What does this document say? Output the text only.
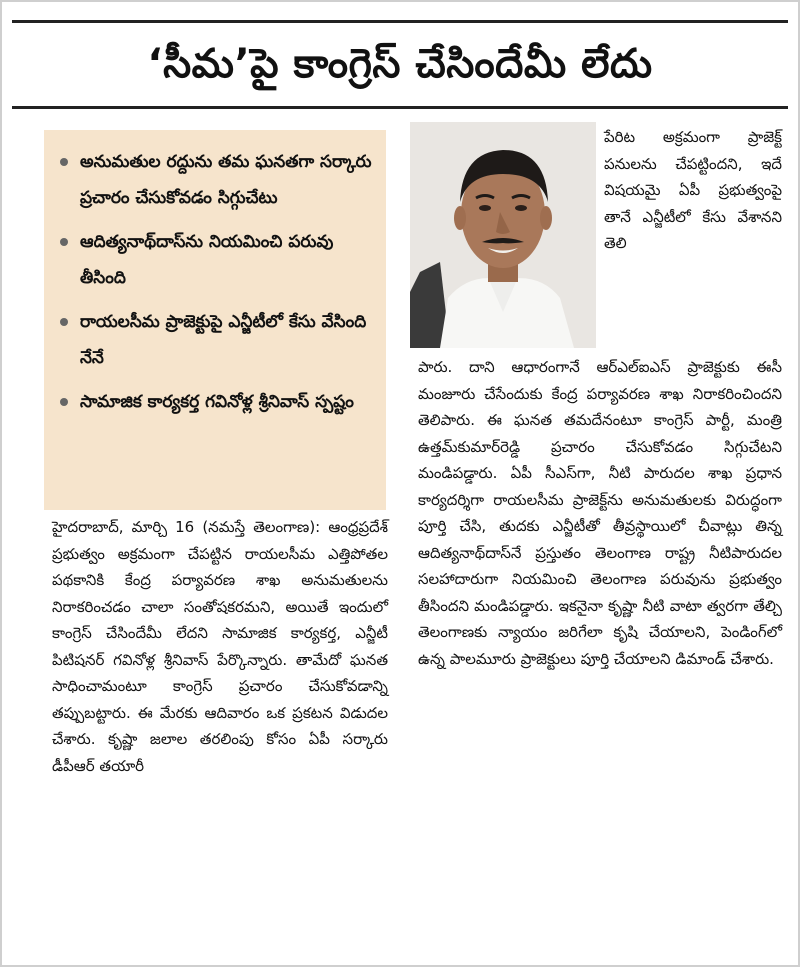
‘సీమ’పై కాంగ్రెస్ చేసిందేమీ లేదు
అనుమతుల రద్దును తమ ఘనతగా సర్కారు ప్రచారం చేసుకోవడం సిగ్గుచేటు
ఆదిత్యనాథ్‌దాస్‌ను నియమించి పరువు తీసింది
రాయలసీమ ప్రాజెక్టుపై ఎన్జీటీలో కేసు వేసింది నేనే
సామాజిక కార్యకర్త గవినోళ్ల శ్రీనివాస్ స్పష్టం
పేరిట అక్రమంగా ప్రాజెక్ట్ పనులను చేపట్టిందని, ఇదే విషయమై ఏపీ ప్రభుత్వంపై తానే ఎన్జీటీలో కేసు వేశానని తెలి
హైదరాబాద్, మార్చి 16 (నమస్తే తెలంగాణ): ఆంధ్రప్రదేశ్ ప్రభుత్వం అక్రమంగా చేపట్టిన రాయలసీమ ఎత్తిపోతల పథకానికి కేంద్ర పర్యావరణ శాఖ అనుమతులను నిరాకరించడం చాలా సంతోషకరమని, అయితే ఇందులో కాంగ్రెస్ చేసిందేమీ లేదని సామాజిక కార్యకర్త, ఎన్జీటీ పిటిషనర్ గవినోళ్ల శ్రీనివాస్ పేర్కొన్నారు. తామేదో ఘనత సాధించామంటూ కాంగ్రెస్ ప్రచారం చేసుకోవడాన్ని తప్పుబట్టారు. ఈ మేరకు ఆదివారం ఒక ప్రకటన విడుదల చేశారు. కృష్ణా జలాల తరలింపు కోసం ఏపీ సర్కారు డీపీఆర్ తయారీ
పారు. దాని ఆధారంగానే ఆర్ఎల్ఐఎస్ ప్రాజెక్టుకు ఈసీ మంజూరు చేసేందుకు కేంద్ర పర్యావరణ శాఖ నిరాకరించిందని తెలిపారు. ఈ ఘనత తమదేనంటూ కాంగ్రెస్ పార్టీ, మంత్రి ఉత్తమ్‌కుమార్‌రెడ్డి ప్రచారం చేసుకోవడం సిగ్గుచేటని మండిపడ్డారు. ఏపీ సీఎస్‌గా, నీటి పారుదల శాఖ ప్రధాన కార్యదర్శిగా రాయలసీమ ప్రాజెక్ట్‌ను అనుమతులకు విరుద్ధంగా పూర్తి చేసి, తుదకు ఎన్జీటీతో తీవ్రస్థాయిలో చీవాట్లు తిన్న ఆదిత్యనాథ్‌దాస్‌నే ప్రస్తుతం తెలంగాణ రాష్ట్ర నీటిపారుదల సలహాదారుగా నియమించి తెలంగాణ పరువును ప్రభుత్వం తీసిందని మండిపడ్డారు. ఇకనైనా కృష్ణా నీటి వాటా త్వరగా తేల్చి తెలంగాణకు న్యాయం జరిగేలా కృషి చేయాలని, పెండింగ్‌లో ఉన్న పాలమూరు ప్రాజెక్టులు పూర్తి చేయాలని డిమాండ్ చేశారు.
